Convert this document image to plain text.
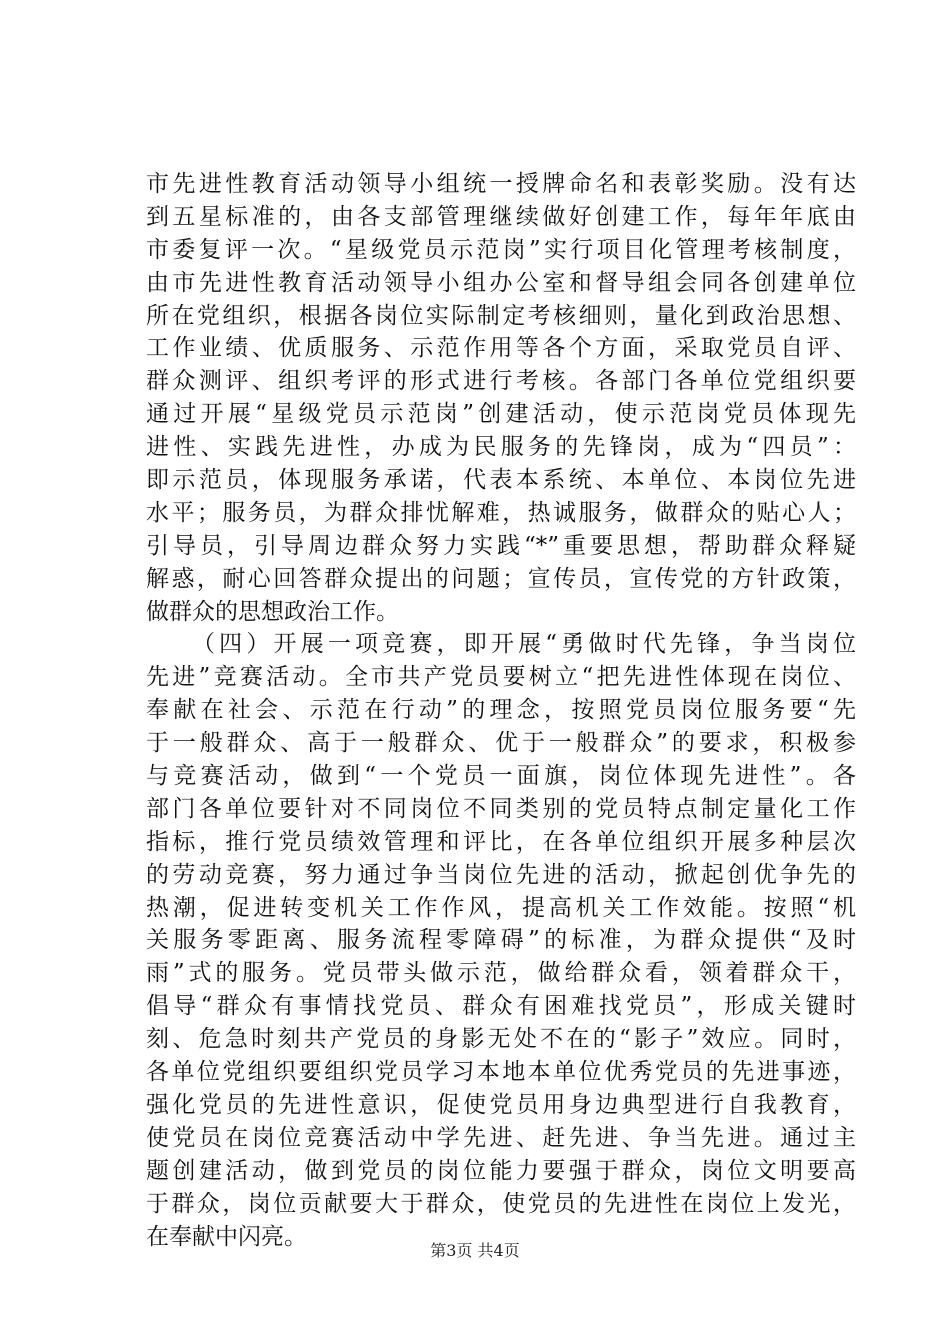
市先进性教育活动领导小组统一授牌命名和表彰奖励。没有达
到五星标准的，由各支部管理继续做好创建工作，每年年底由
市委复评一次。“星级党员示范岗”实行项目化管理考核制度，
由市先进性教育活动领导小组办公室和督导组会同各创建单位
所在党组织，根据各岗位实际制定考核细则，量化到政治思想、
工作业绩、优质服务、示范作用等各个方面，采取党员自评、
群众测评、组织考评的形式进行考核。各部门各单位党组织要
通过开展“星级党员示范岗”创建活动，使示范岗党员体现先
进性、实践先进性，办成为民服务的先锋岗，成为“四员”：
即示范员，体现服务承诺，代表本系统、本单位、本岗位先进
水平；服务员，为群众排忧解难，热诚服务，做群众的贴心人；
引导员，引导周边群众努力实践“*”重要思想，帮助群众释疑
解惑，耐心回答群众提出的问题；宣传员，宣传党的方针政策，
做群众的思想政治工作。
（四）开展一项竞赛，即开展“勇做时代先锋，争当岗位
先进”竞赛活动。全市共产党员要树立“把先进性体现在岗位、
奉献在社会、示范在行动”的理念，按照党员岗位服务要“先
于一般群众、高于一般群众、优于一般群众”的要求，积极参
与竞赛活动，做到“一个党员一面旗，岗位体现先进性”。各
部门各单位要针对不同岗位不同类别的党员特点制定量化工作
指标，推行党员绩效管理和评比，在各单位组织开展多种层次
的劳动竞赛，努力通过争当岗位先进的活动，掀起创优争先的
热潮，促进转变机关工作作风，提高机关工作效能。按照“机
关服务零距离、服务流程零障碍”的标准，为群众提供“及时
雨”式的服务。党员带头做示范，做给群众看，领着群众干，
倡导“群众有事情找党员、群众有困难找党员”，形成关键时
刻、危急时刻共产党员的身影无处不在的“影子”效应。同时，
各单位党组织要组织党员学习本地本单位优秀党员的先进事迹，
强化党员的先进性意识，促使党员用身边典型进行自我教育，
使党员在岗位竞赛活动中学先进、赶先进、争当先进。通过主
题创建活动，做到党员的岗位能力要强于群众，岗位文明要高
于群众，岗位贡献要大于群众，使党员的先进性在岗位上发光，
在奉献中闪亮。
第3页 共4页
